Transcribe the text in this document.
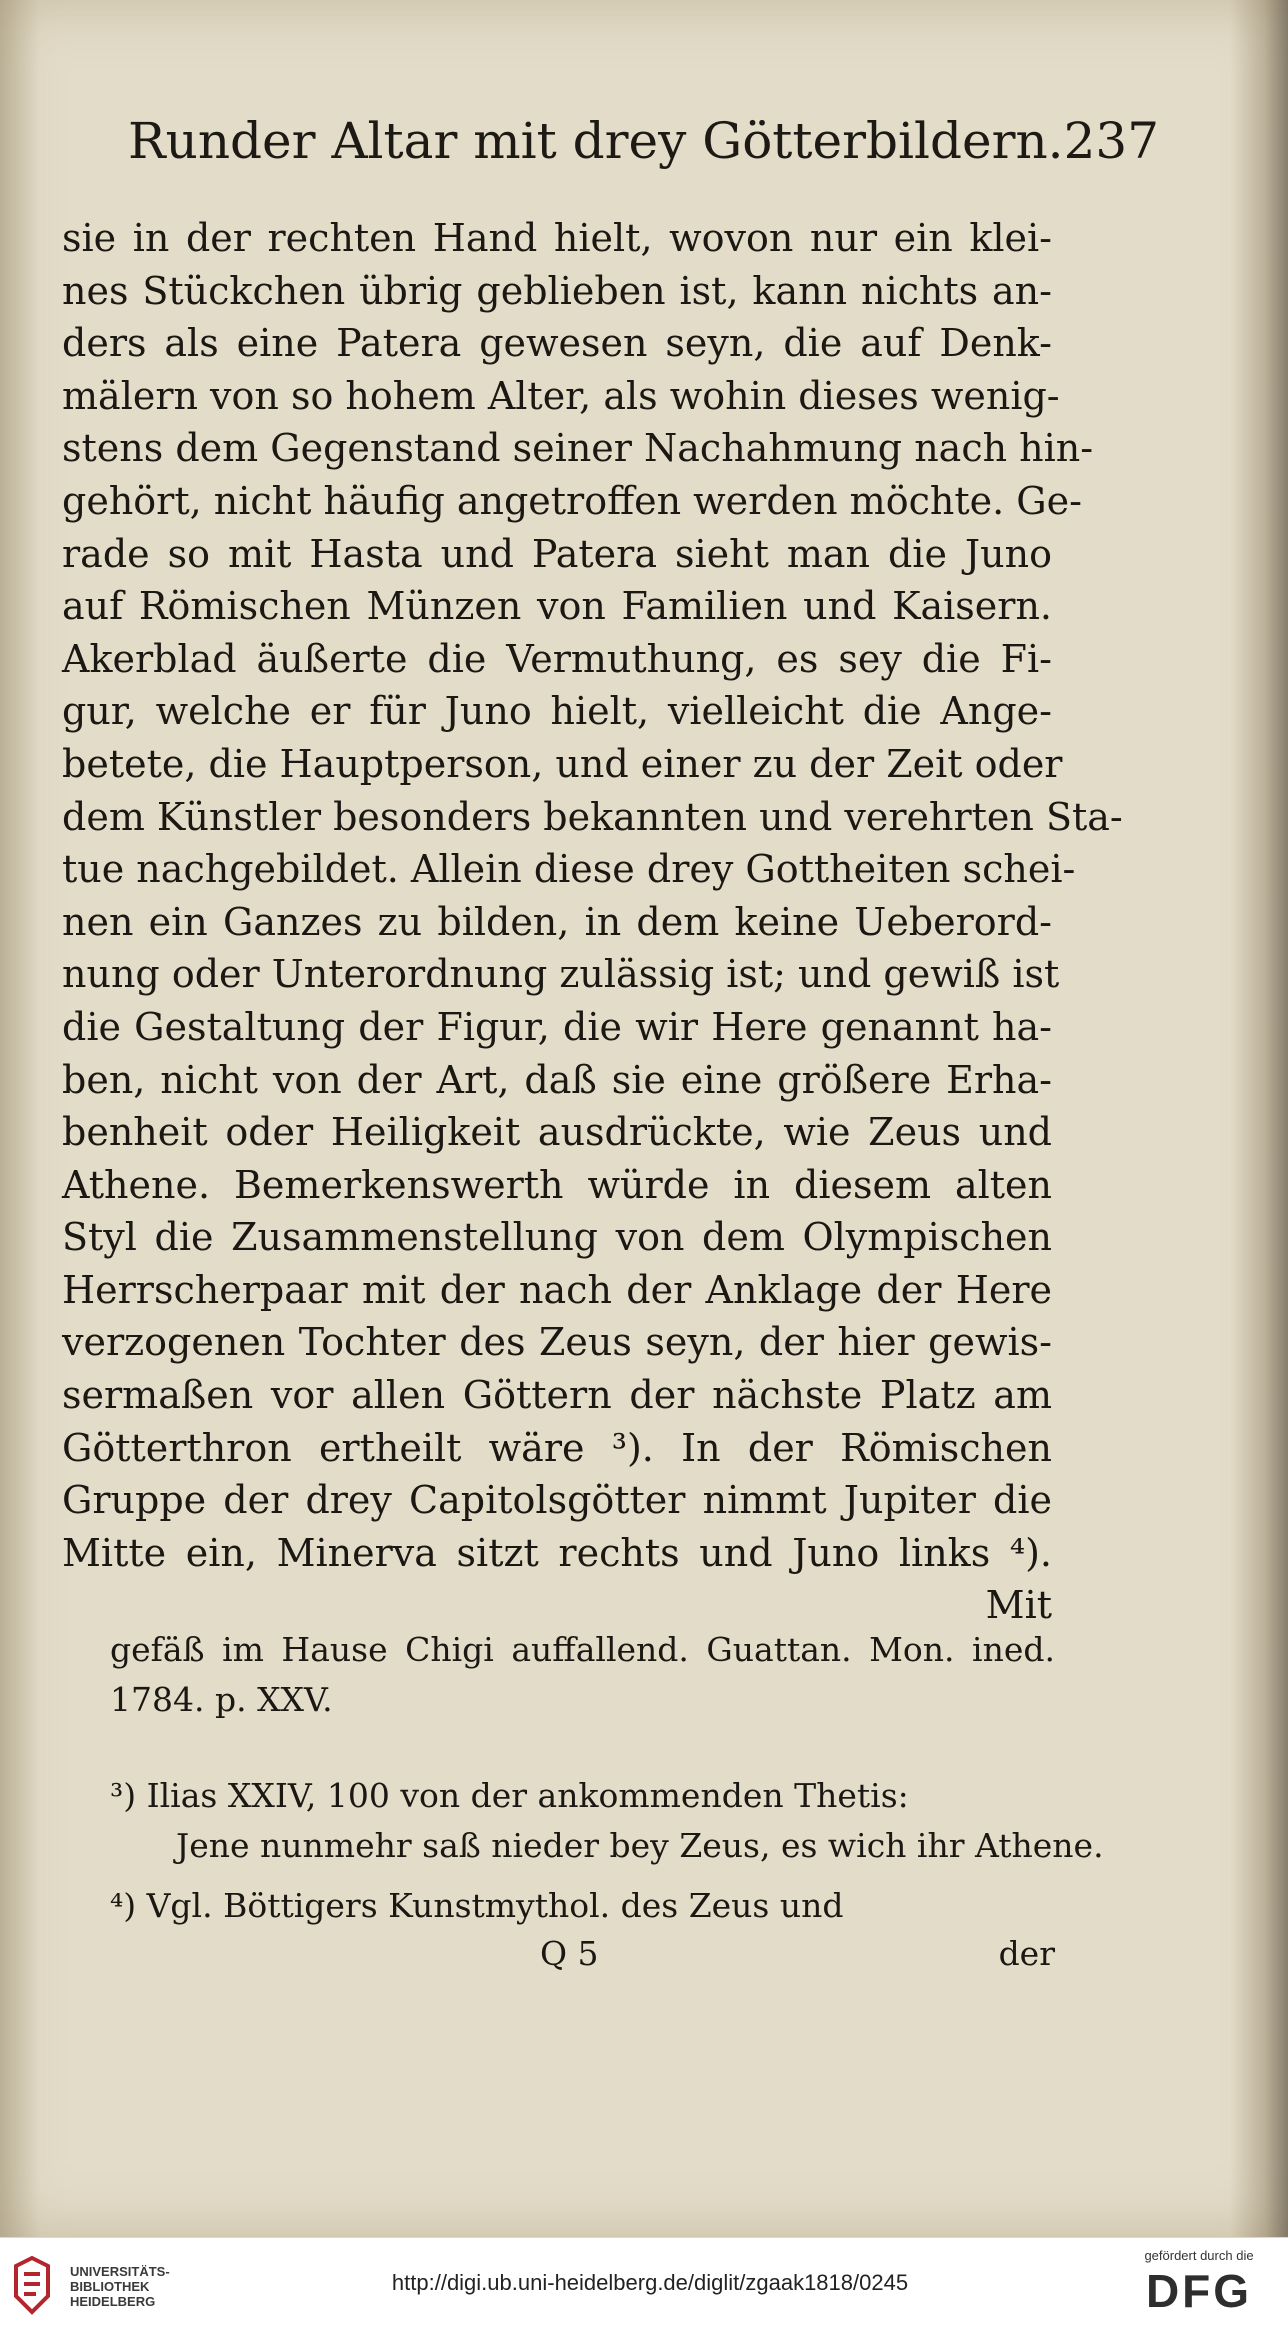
Runder Altar mit drey Götterbildern. 237
sie in der rechten Hand hielt, wovon nur ein klei-
nes Stückchen übrig geblieben ist, kann nichts an-
ders als eine Patera gewesen seyn, die auf Denk-
mälern von so hohem Alter, als wohin dieses wenig-
stens dem Gegenstand seiner Nachahmung nach hin-
gehört, nicht häufig angetroffen werden möchte. Ge-
rade so mit Hasta und Patera sieht man die Juno
auf Römischen Münzen von Familien und Kaisern.
Akerblad äußerte die Vermuthung, es sey die Fi-
gur, welche er für Juno hielt, vielleicht die Ange-
betete, die Hauptperson, und einer zu der Zeit oder
dem Künstler besonders bekannten und verehrten Sta-
tue nachgebildet. Allein diese drey Gottheiten schei-
nen ein Ganzes zu bilden, in dem keine Ueberord-
nung oder Unterordnung zulässig ist; und gewiß ist
die Gestaltung der Figur, die wir Here genannt ha-
ben, nicht von der Art, daß sie eine größere Erha-
benheit oder Heiligkeit ausdrückte, wie Zeus und
Athene. Bemerkenswerth würde in diesem alten
Styl die Zusammenstellung von dem Olympischen
Herrscherpaar mit der nach der Anklage der Here
verzogenen Tochter des Zeus seyn, der hier gewis-
sermaßen vor allen Göttern der nächste Platz am
Götterthron ertheilt wäre ³). In der Römischen
Gruppe der drey Capitolsgötter nimmt Jupiter die
Mitte ein, Minerva sitzt rechts und Juno links ⁴).
Mit
gefäß im Hause Chigi auffallend. Guattan. Mon. ined.
1784. p. XXV.
³) Ilias XXIV, 100 von der ankommenden Thetis:
Jene nunmehr saß nieder bey Zeus, es wich ihr Athene.
⁴) Vgl. Böttigers Kunstmythol. des Zeus und
Q 5	der
UNIVERSITÄTS-
BIBLIOTHEK
HEIDELBERG
http://digi.ub.uni-heidelberg.de/diglit/zgaak1818/0245
gefördert durch die
DFG
